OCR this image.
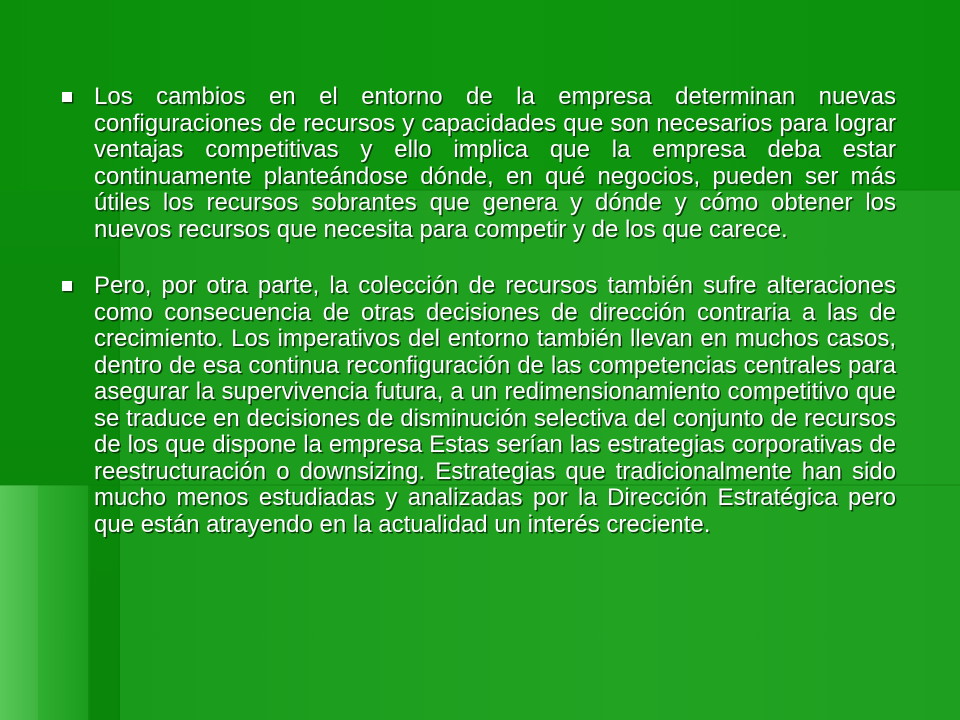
Los cambios en el entorno de la empresa determinan nuevas configuraciones de recursos y capacidades que son necesarios para lograr ventajas competitivas y ello implica que la empresa deba estar continuamente planteándose dónde, en qué negocios, pueden ser más útiles los recursos sobrantes que genera y dónde y cómo obtener los nuevos recursos que necesita para competir y de los que carece.
Pero, por otra parte, la colección de recursos también sufre alteraciones como consecuencia de otras decisiones de dirección contraria a las de crecimiento. Los imperativos del entorno también llevan en muchos casos, dentro de esa continua reconfiguración de las competencias centrales para asegurar la supervivencia futura, a un redimensionamiento competitivo que se traduce en decisiones de disminución selectiva del conjunto de recursos de los que dispone la empresa Estas serían las estrategias corporativas de reestructuración o downsizing. Estrategias que tradicionalmente han sido mucho menos estudiadas y analizadas por la Dirección Estratégica pero que están atrayendo en la actualidad un interés creciente.
